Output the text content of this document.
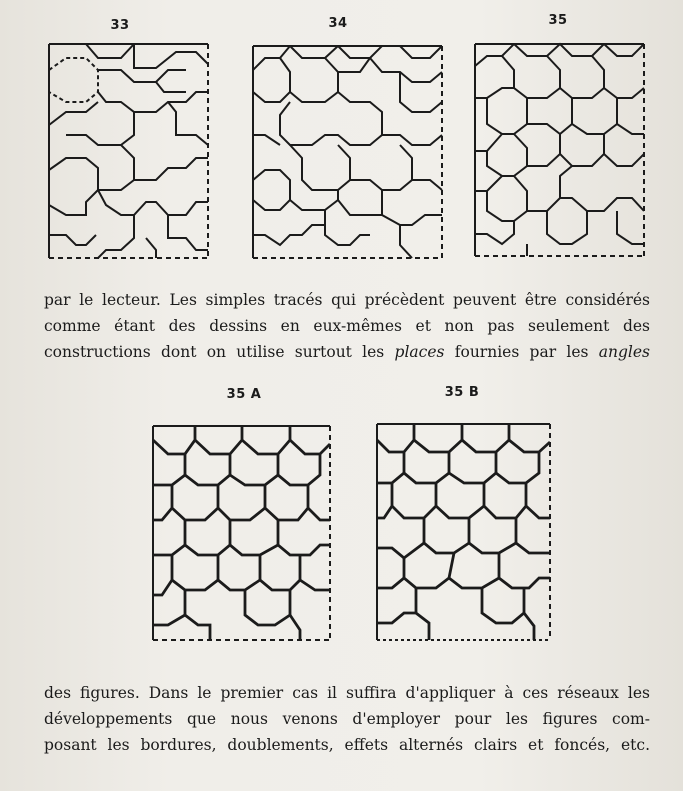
33	34	35
par le lecteur. Les simples tracés qui précèdent peuvent être considérés
comme étant des dessins en eux-mêmes et non pas seulement des
constructions dont on utilise surtout les places fournies par les angles
35 A	35 B
des figures. Dans le premier cas il suffira d'appliquer à ces réseaux les
développements que nous venons d'employer pour les figures com-
posant les bordures, doublements, effets alternés clairs et foncés, etc.
